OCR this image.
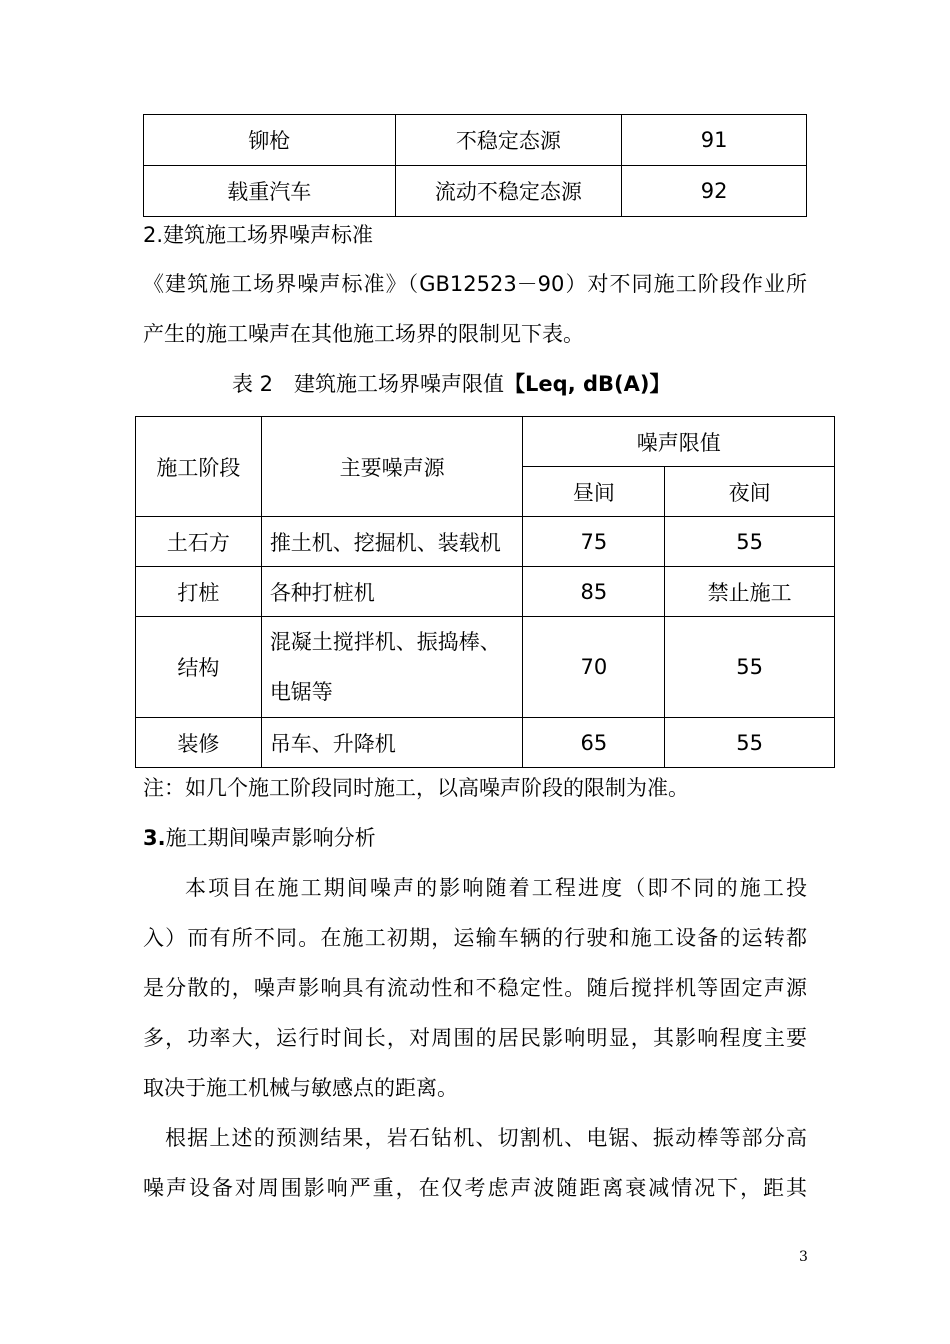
铆枪	不稳定态源	91
载重汽车	流动不稳定态源	92
2.建筑施工场界噪声标准
《建筑施工场界噪声标准》（GB12523－90）对不同施工阶段作业所
产生的施工噪声在其他施工场界的限制见下表。
表 2　建筑施工场界噪声限值【Leq, dB(A)】
施工阶段	主要噪声源	噪声限值	
		昼间	夜间
土石方	推土机、挖掘机、装载机	75	55
打桩	各种打桩机	85	禁止施工
结构	混凝土搅拌机、振捣棒、
电锯等	70	55
装修	吊车、升降机	65	55
注：如几个施工阶段同时施工，以高噪声阶段的限制为准。
3.施工期间噪声影响分析
本项目在施工期间噪声的影响随着工程进度（即不同的施工投
入）而有所不同。在施工初期，运输车辆的行驶和施工设备的运转都
是分散的，噪声影响具有流动性和不稳定性。随后搅拌机等固定声源
多，功率大，运行时间长，对周围的居民影响明显，其影响程度主要
取决于施工机械与敏感点的距离。
根据上述的预测结果，岩石钻机、切割机、电锯、振动棒等部分高
噪声设备对周围影响严重，在仅考虑声波随距离衰减情况下，距其
3
